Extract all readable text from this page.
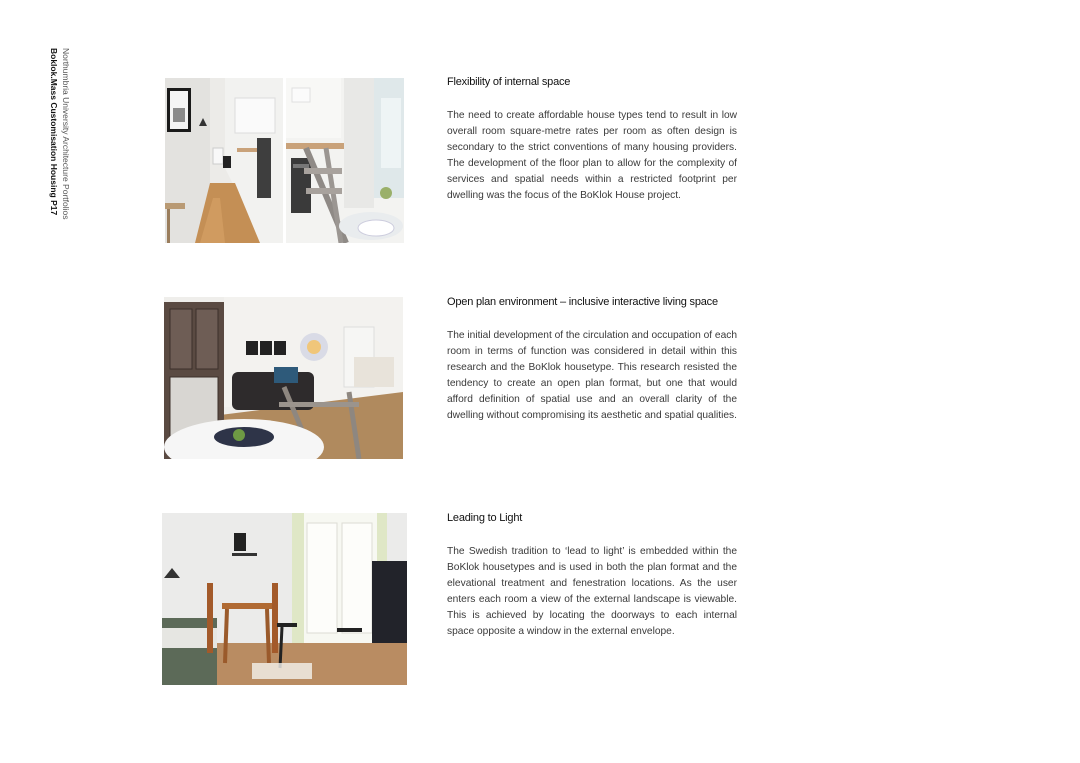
Northumbria University Architecture Portfolios
Boklok.Mass Customisation Housing P17	Flexibility of internal space

The need to create affordable house types tend to result in low overall room square-metre rates per room as often design is secondary to the strict conventions of many housing providers. The development of the floor plan to allow for the complexity of services and spatial needs within a restricted footprint per dwelling was the focus of the BoKlok House project.

Open plan environment – inclusive interactive living space

The initial development of the circulation and occupation of each room in terms of function was considered in detail within this research and the BoKlok housetype. This research resisted the tendency to create an open plan format, but one that would afford definition of spatial use and an overall clarity of the dwelling without compromising its aesthetic and spatial qualities.

Leading to Light

The Swedish tradition to ‘lead to light’ is embedded within the BoKlok housetypes and is used in both the plan format and the elevational treatment and fenestration locations. As the user enters each room a view of the external landscape is viewable. This is achieved by locating the doorways to each internal space opposite a window in the external envelope.
